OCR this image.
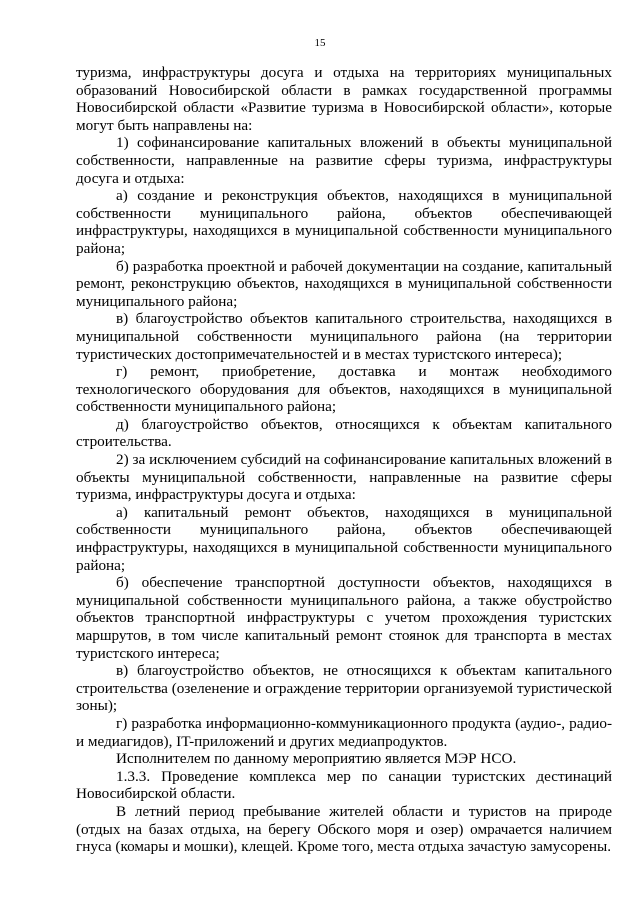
15

туризма, инфраструктуры досуга и отдыха на территориях муниципальных образований Новосибирской области в рамках государственной программы Новосибирской области «Развитие туризма в Новосибирской области», которые могут быть направлены на:

1) софинансирование капитальных вложений в объекты муниципальной собственности, направленные на развитие сферы туризма, инфраструктуры досуга и отдыха:

а) создание и реконструкция объектов, находящихся в муниципальной собственности муниципального района, объектов обеспечивающей инфраструктуры, находящихся в муниципальной собственности муниципального района;

б) разработка проектной и рабочей документации на создание, капитальный ремонт, реконструкцию объектов, находящихся в муниципальной собственности муниципального района;

в) благоустройство объектов капитального строительства, находящихся в муниципальной собственности муниципального района (на территории туристических достопримечательностей и в местах туристского интереса);

г) ремонт, приобретение, доставка и монтаж необходимого технологического оборудования для объектов, находящихся в муниципальной собственности муниципального района;

д) благоустройство объектов, относящихся к объектам капитального строительства.

2) за исключением субсидий на софинансирование капитальных вложений в объекты муниципальной собственности, направленные на развитие сферы туризма, инфраструктуры досуга и отдыха:

а) капитальный ремонт объектов, находящихся в муниципальной собственности муниципального района, объектов обеспечивающей инфраструктуры, находящихся в муниципальной собственности муниципального района;

б) обеспечение транспортной доступности объектов, находящихся в муниципальной собственности муниципального района, а также обустройство объектов транспортной инфраструктуры с учетом прохождения туристских маршрутов, в том числе капитальный ремонт стоянок для транспорта в местах туристского интереса;

в) благоустройство объектов, не относящихся к объектам капитального строительства (озеленение и ограждение территории организуемой туристической зоны);

г) разработка информационно-коммуникационного продукта (аудио-, радио- и медиагидов), IT-приложений и других медиапродуктов.

Исполнителем по данному мероприятию является МЭР НСО.

1.3.3. Проведение комплекса мер по санации туристских дестинаций Новосибирской области.

В летний период пребывание жителей области и туристов на природе (отдых на базах отдыха, на берегу Обского моря и озер) омрачается наличием гнуса (комары и мошки), клещей. Кроме того, места отдыха зачастую замусорены.
